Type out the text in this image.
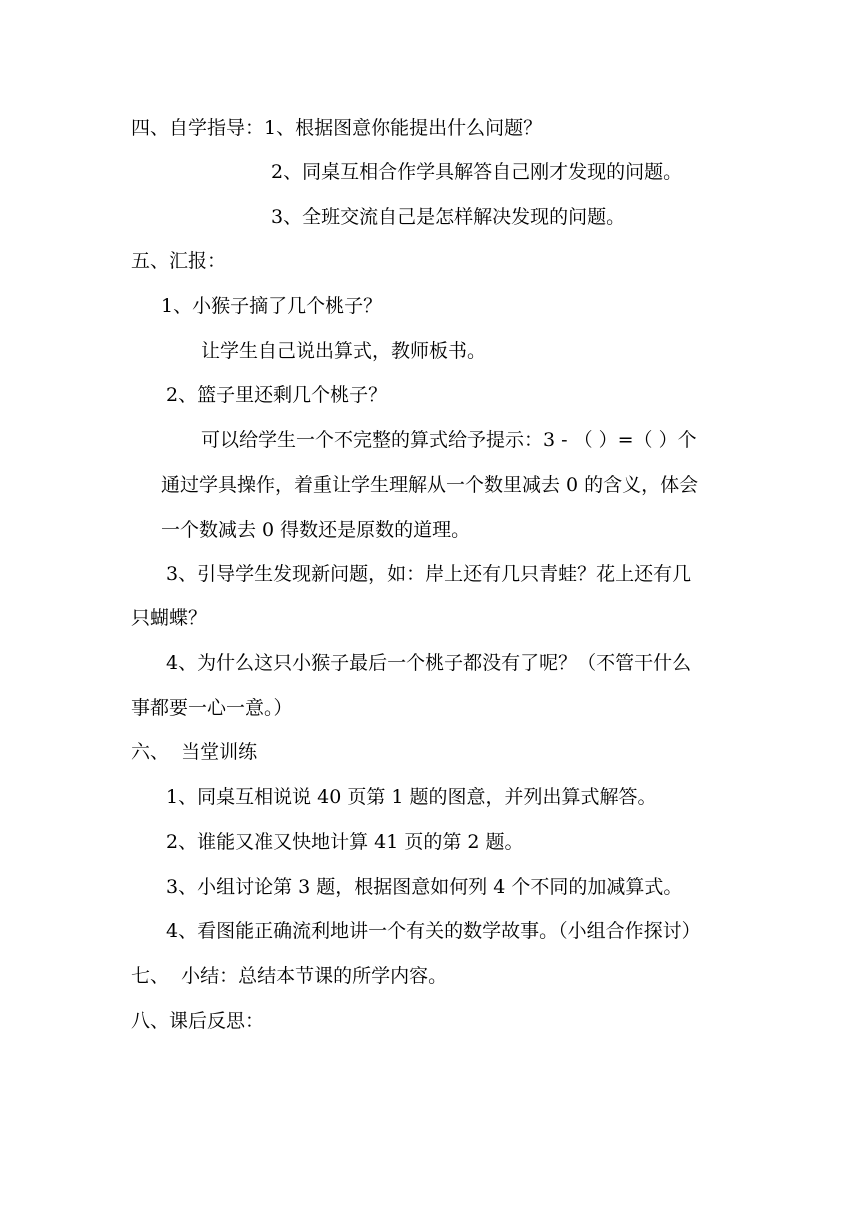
四、自学指导：1、根据图意你能提出什么问题？
2、同桌互相合作学具解答自己刚才发现的问题。
3、全班交流自己是怎样解决发现的问题。
五、汇报：
1、小猴子摘了几个桃子？
让学生自己说出算式，教师板书。
2、篮子里还剩几个桃子？
可以给学生一个不完整的算式给予提示：3 - （ ）=（ ）个
通过学具操作，着重让学生理解从一个数里减去 0 的含义，体会
一个数减去 0 得数还是原数的道理。
3、引导学生发现新问题，如：岸上还有几只青蛙？花上还有几
只蝴蝶？
4、为什么这只小猴子最后一个桃子都没有了呢？（不管干什么
事都要一心一意。）
六、  当堂训练
1、同桌互相说说 40 页第 1 题的图意，并列出算式解答。
2、谁能又准又快地计算 41 页的第 2 题。
3、小组讨论第 3 题，根据图意如何列 4 个不同的加减算式。
4、看图能正确流利地讲一个有关的数学故事。（小组合作探讨）
七、  小结：总结本节课的所学内容。
八、课后反思：
